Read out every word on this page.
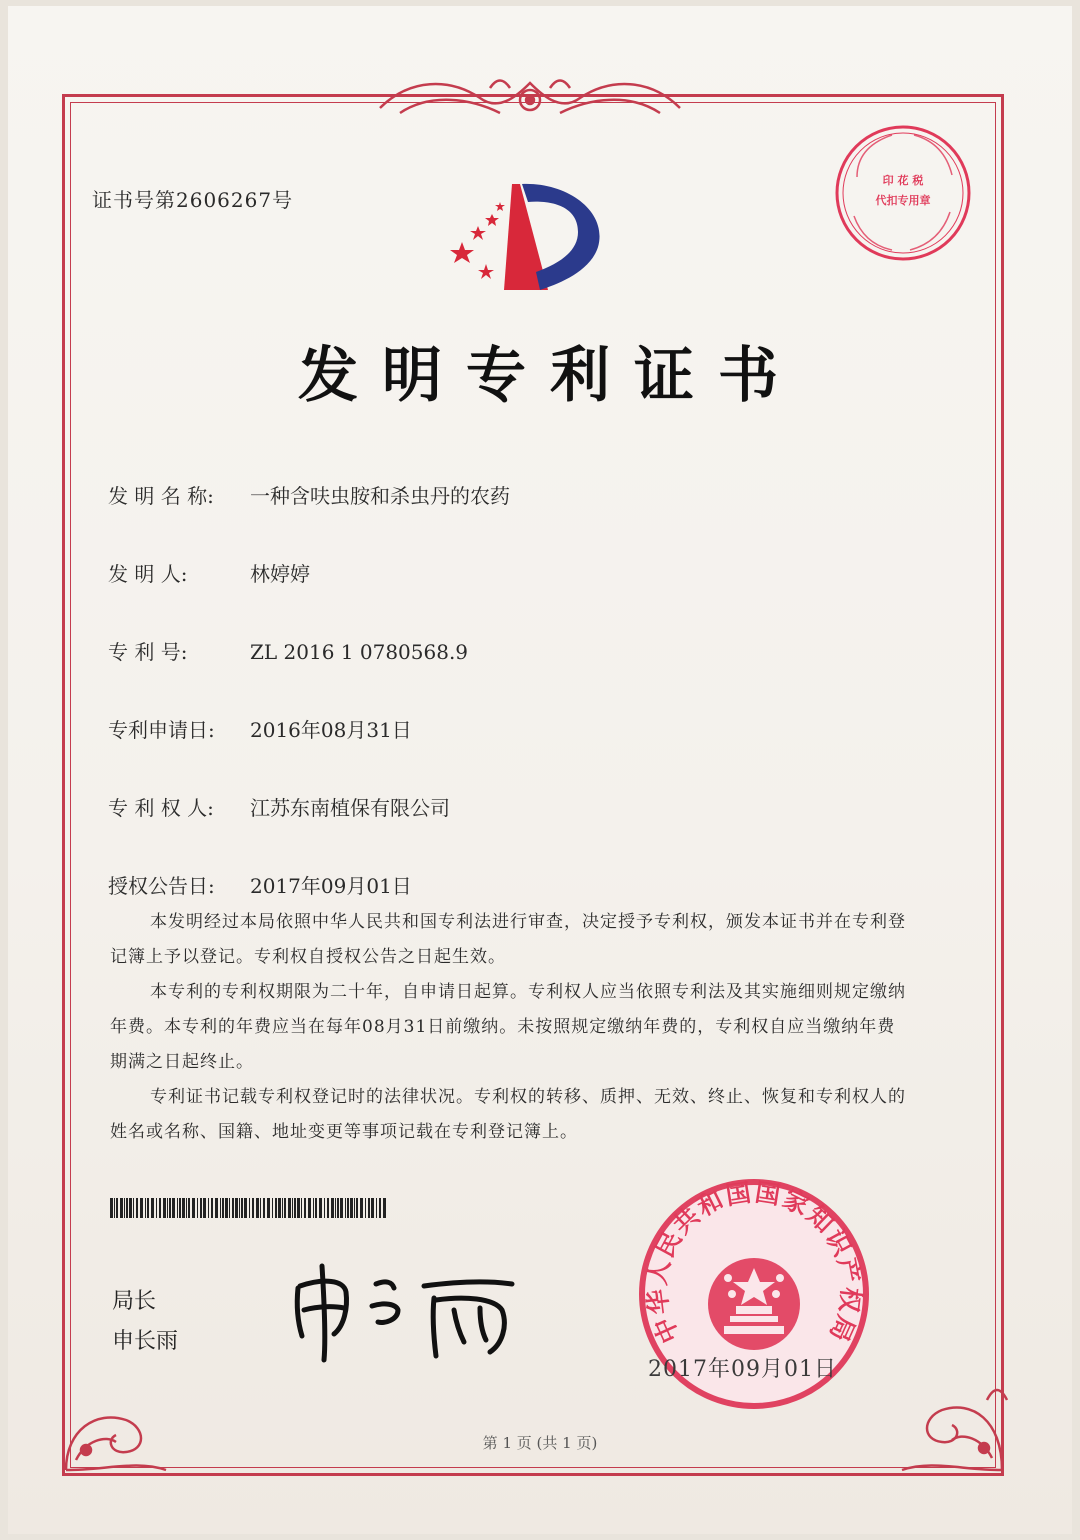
证书号第2606267号
印 花 税
代扣专用章
发明专利证书
发 明 名 称: 一种含呋虫胺和杀虫丹的农药
发 明 人:	林婷婷
专 利 号:	ZL 2016 1 0780568.9
专利申请日: 2016年08月31日
专 利 权 人: 江苏东南植保有限公司
授权公告日: 2017年09月01日
本发明经过本局依照中华人民共和国专利法进行审查，决定授予专利权，颁发本证书并在专利登记簿上予以登记。专利权自授权公告之日起生效。
本专利的专利权期限为二十年，自申请日起算。专利权人应当依照专利法及其实施细则规定缴纳年费。本专利的年费应当在每年08月31日前缴纳。未按照规定缴纳年费的，专利权自应当缴纳年费期满之日起终止。
专利证书记载专利权登记时的法律状况。专利权的转移、质押、无效、终止、恢复和专利权人的姓名或名称、国籍、地址变更等事项记载在专利登记簿上。
局长
申长雨	中华人民共和国国家知识产权局
2017年09月01日
第 1 页 (共 1 页)
